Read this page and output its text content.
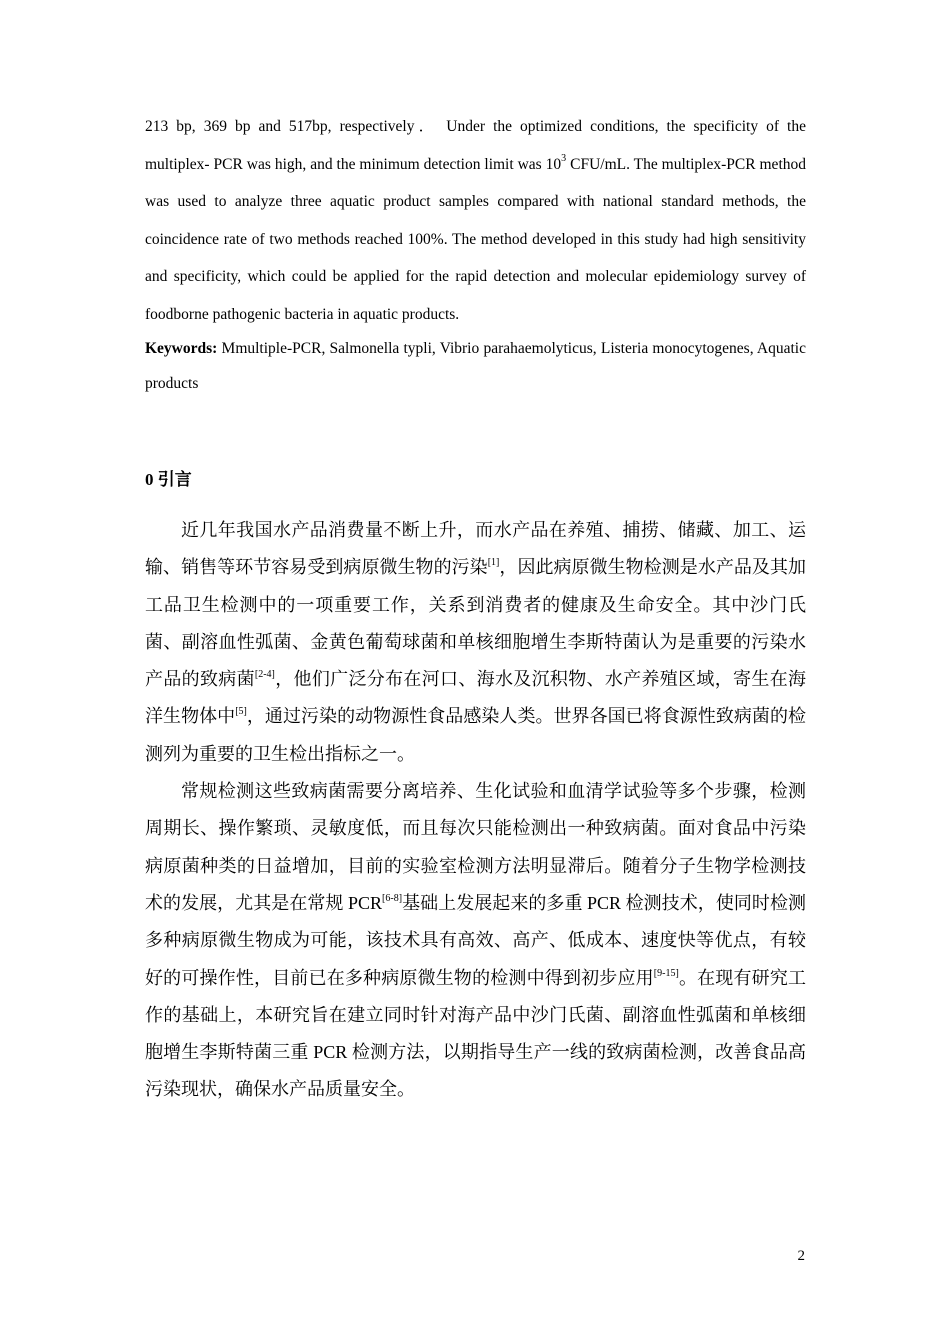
213 bp, 369 bp and 517bp, respectively． Under the optimized conditions, the specificity of the multiplex- PCR was high, and the minimum detection limit was $10^3$ CFU/mL. The multiplex-PCR method was used to analyze three aquatic product samples compared with national standard methods, the coincidence rate of two methods reached 100%. The method developed in this study had high sensitivity and specificity, which could be applied for the rapid detection and molecular epidemiology survey of foodborne pathogenic bacteria in aquatic products.

Keywords: Mmultiple-PCR, Salmonella typli, Vibrio parahaemolyticus, Listeria monocytogenes, Aquatic products

0 引言

近几年我国水产品消费量不断上升，而水产品在养殖、捕捞、储藏、加工、运输、销售等环节容易受到病原微生物的污染[1]，因此病原微生物检测是水产品及其加工品卫生检测中的一项重要工作，关系到消费者的健康及生命安全。其中沙门氏菌、副溶血性弧菌、金黄色葡萄球菌和单核细胞增生李斯特菌认为是重要的污染水产品的致病菌[2-4]，他们广泛分布在河口、海水及沉积物、水产养殖区域，寄生在海洋生物体中[5]，通过污染的动物源性食品感染人类。世界各国已将食源性致病菌的检测列为重要的卫生检出指标之一。

常规检测这些致病菌需要分离培养、生化试验和血清学试验等多个步骤，检测周期长、操作繁琐、灵敏度低，而且每次只能检测出一种致病菌。面对食品中污染病原菌种类的日益增加，目前的实验室检测方法明显滞后。随着分子生物学检测技术的发展，尤其是在常规 PCR[6-8]基础上发展起来的多重 PCR 检测技术，使同时检测多种病原微生物成为可能，该技术具有高效、高产、低成本、速度快等优点，有较好的可操作性，目前已在多种病原微生物的检测中得到初步应用[9-15]。在现有研究工作的基础上，本研究旨在建立同时针对海产品中沙门氏菌、副溶血性弧菌和单核细胞增生李斯特菌三重 PCR 检测方法，以期指导生产一线的致病菌检测，改善食品高污染现状，确保水产品质量安全。

2
